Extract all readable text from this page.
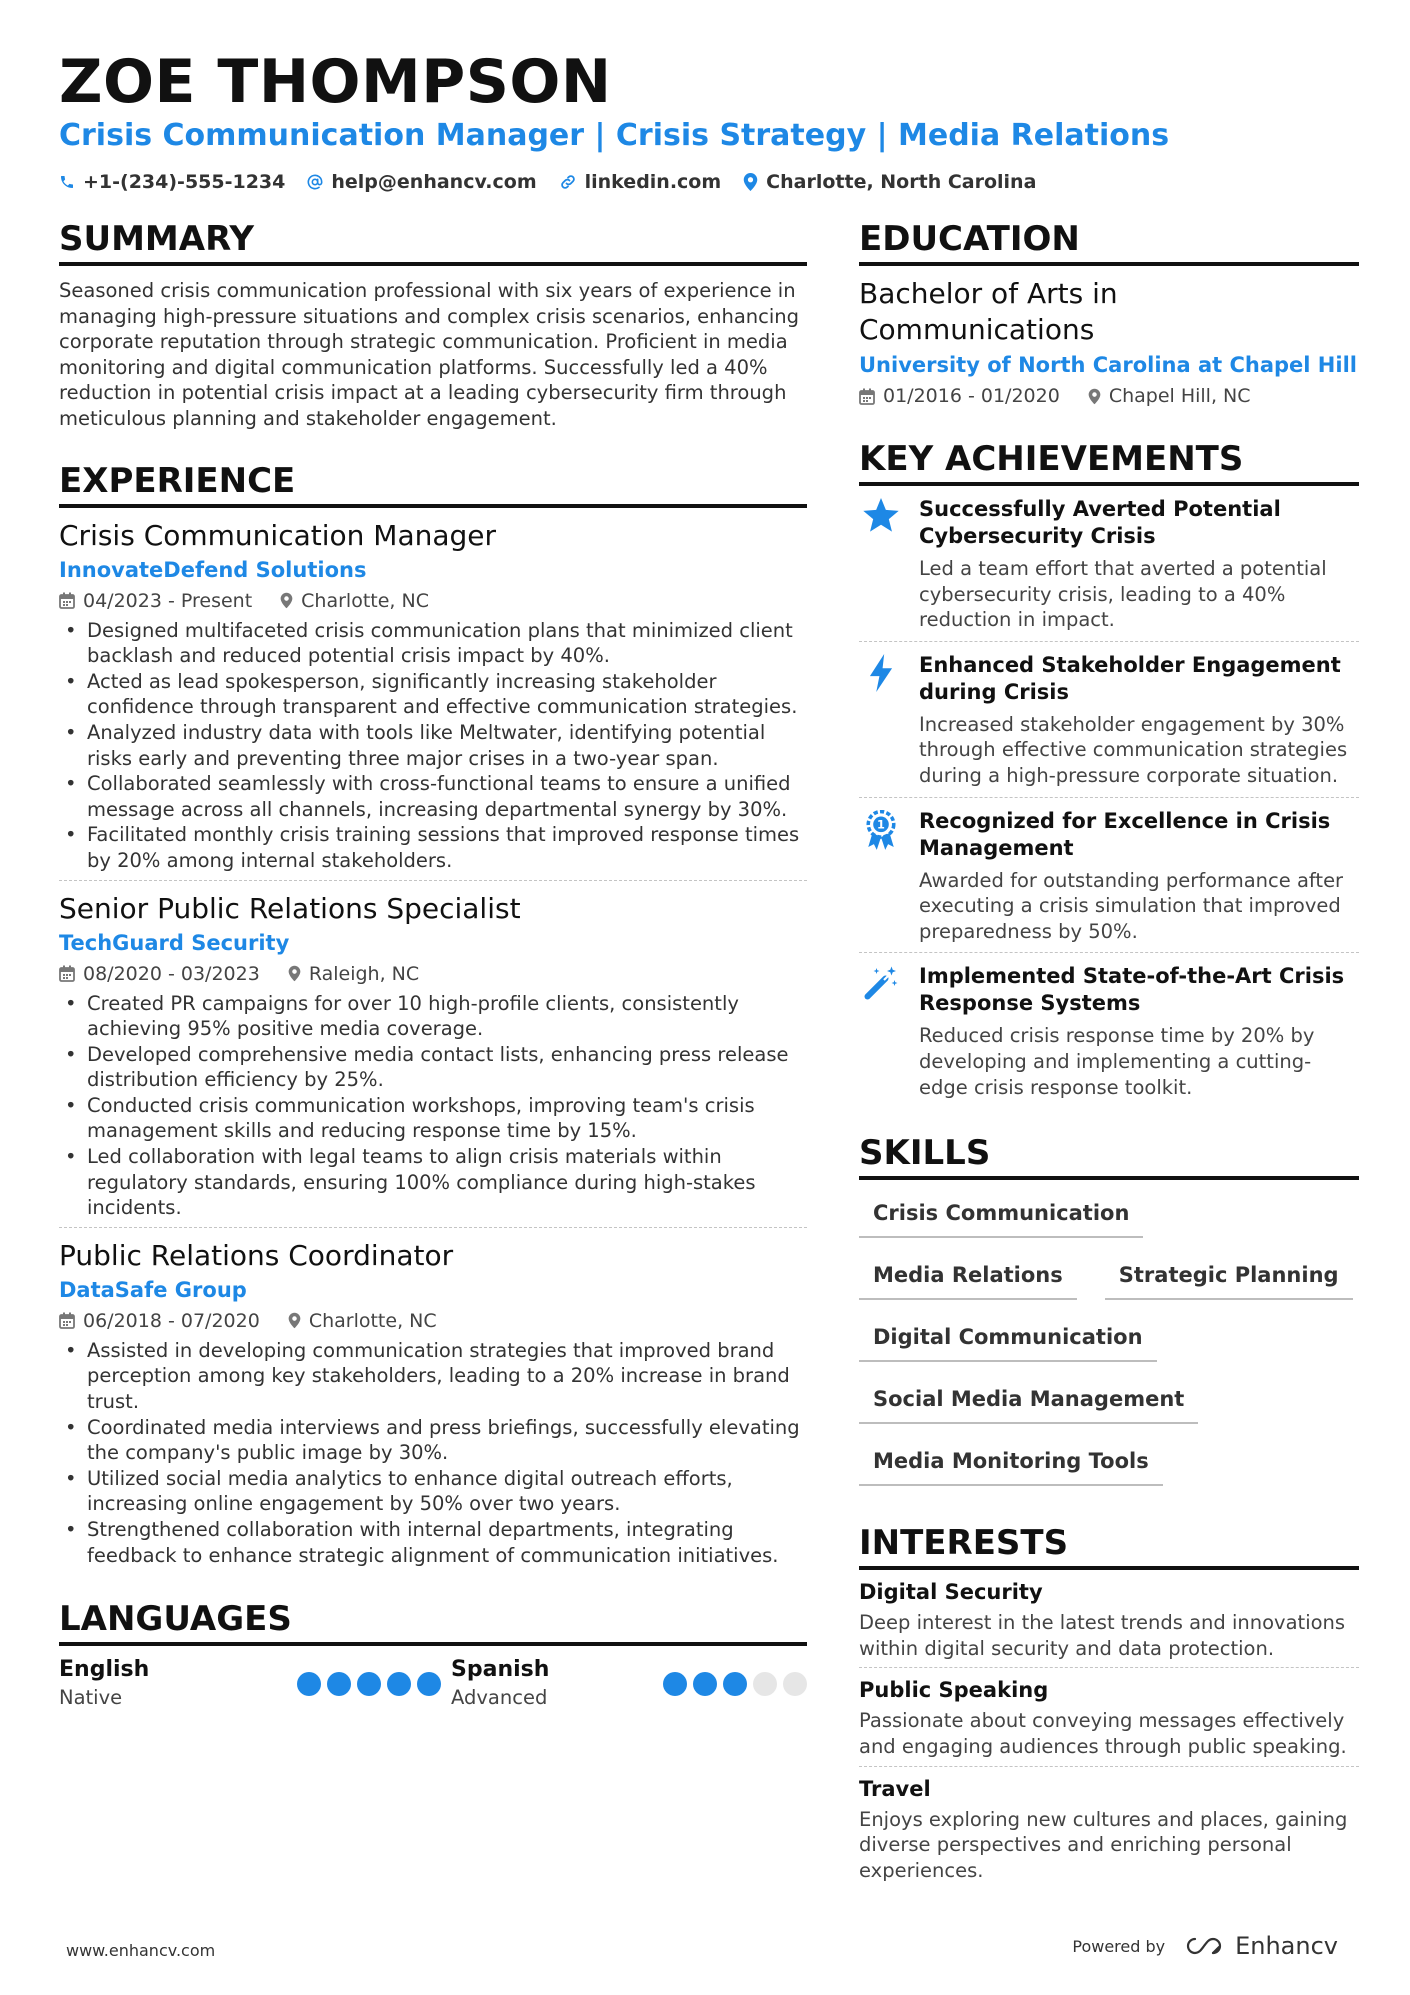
ZOE THOMPSON
Crisis Communication Manager | Crisis Strategy | Media Relations
+1-(234)-555-1234 help@enhancv.com	linkedin.com Charlotte, North Carolina
SUMMARY
Seasoned crisis communication professional with six years of experience in managing high-pressure situations and complex crisis scenarios, enhancing corporate reputation through strategic communication. Proficient in media monitoring and digital communication platforms. Successfully led a 40% reduction in potential crisis impact at a leading cybersecurity firm through meticulous planning and stakeholder engagement.
EXPERIENCE
Crisis Communication Manager
InnovateDefend Solutions
04/2023 - Present	Charlotte, NC
• Designed multifaceted crisis communication plans that minimized client backlash and reduced potential crisis impact by 40%.
• Acted as lead spokesperson, significantly increasing stakeholder confidence through transparent and effective communication strategies.
• Analyzed industry data with tools like Meltwater, identifying potential risks early and preventing three major crises in a two-year span.
• Collaborated seamlessly with cross-functional teams to ensure a unified message across all channels, increasing departmental synergy by 30%.
• Facilitated monthly crisis training sessions that improved response times by 20% among internal stakeholders.
Senior Public Relations Specialist
TechGuard Security
08/2020 - 03/2023	Raleigh, NC
• Created PR campaigns for over 10 high-profile clients, consistently achieving 95% positive media coverage.
• Developed comprehensive media contact lists, enhancing press release distribution efficiency by 25%.
• Conducted crisis communication workshops, improving team's crisis management skills and reducing response time by 15%.
• Led collaboration with legal teams to align crisis materials within regulatory standards, ensuring 100% compliance during high-stakes incidents.
Public Relations Coordinator
DataSafe Group
06/2018 - 07/2020	Charlotte, NC
• Assisted in developing communication strategies that improved brand perception among key stakeholders, leading to a 20% increase in brand trust.
• Coordinated media interviews and press briefings, successfully elevating the company's public image by 30%.
• Utilized social media analytics to enhance digital outreach efforts, increasing online engagement by 50% over two years.
• Strengthened collaboration with internal departments, integrating feedback to enhance strategic alignment of communication initiatives.
LANGUAGES
English
Native
Spanish
Advanced
EDUCATION
Bachelor of Arts in Communications
University of North Carolina at Chapel Hill
01/2016 - 01/2020	Chapel Hill, NC
KEY ACHIEVEMENTS
Successfully Averted Potential Cybersecurity Crisis
Led a team effort that averted a potential cybersecurity crisis, leading to a 40% reduction in impact.
Enhanced Stakeholder Engagement during Crisis
Increased stakeholder engagement by 30% through effective communication strategies during a high-pressure corporate situation.
1 Recognized for Excellence in Crisis Management
Awarded for outstanding performance after executing a crisis simulation that improved preparedness by 50%.
Implemented State-of-the-Art Crisis Response Systems
Reduced crisis response time by 20% by developing and implementing a cutting-edge crisis response toolkit.
SKILLS
Crisis Communication
Media Relations	Strategic Planning
Digital Communication
Social Media Management
Media Monitoring Tools
INTERESTS
Digital Security
Deep interest in the latest trends and innovations within digital security and data protection.
Public Speaking
Passionate about conveying messages effectively and engaging audiences through public speaking.
Travel
Enjoys exploring new cultures and places, gaining diverse perspectives and enriching personal experiences.
www.enhancv.com	Powered by	Enhancv
